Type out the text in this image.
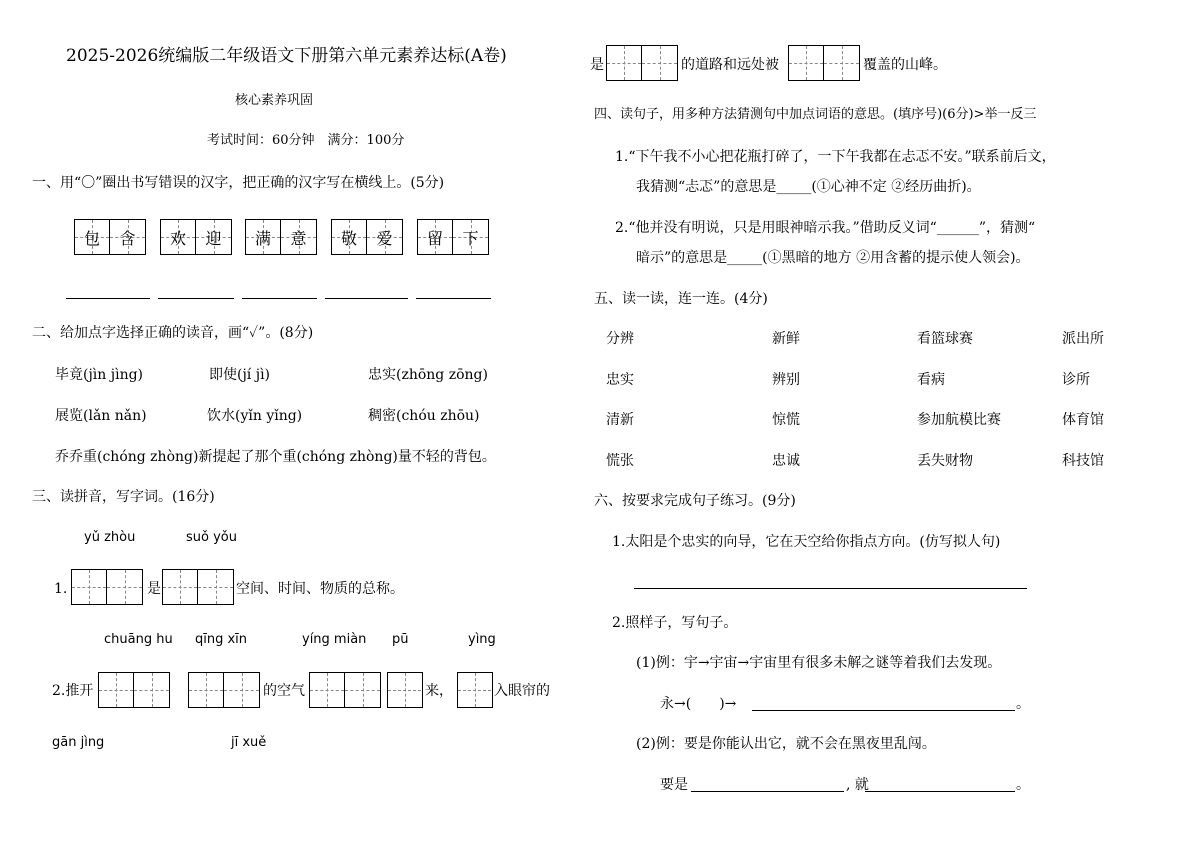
2025-2026统编版二年级语文下册第六单元素养达标(A卷)
核心素养巩固
考试时间：60分钟　满分：100分
一、用“〇”圈出书写错误的汉字，把正确的汉字写在横线上。(5分)
包	含	欢	迎	满	意	敬	爱	留	下
二、给加点字选择正确的读音，画“✓”。(8分)
毕竟(jìn jìng)	即使(jí jì)	忠实(zhōng zōng)
展览(lǎn nǎn)	饮水(yǐn yǐng)	稠密(chóu zhōu)
乔乔重(chóng zhòng)新提起了那个重(chóng zhòng)量不轻的背包。
三、读拼音，写字词。(16分)
yǔ zhòu	suǒ yǒu
1.	是	空间、时间、物质的总称。
chuāng hu qīng xīn	yíng miàn pū	yìng
2.推开	的空气	来，	入眼帘的
gān jìng	jī xuě
是	的道路和远处被	覆盖的山峰。
四、读句子，用多种方法猜测句中加点词语的意思。(填序号)(6分)>举一反三
1.“下午我不小心把花瓶打碎了，一下午我都在忐忑不安。”联系前后文，
我猜测“忐忑”的意思是_____(①心神不定 ②经历曲折)。
2.“他并没有明说，只是用眼神暗示我。”借助反义词“______”，猜测“
暗示”的意思是_____(①黑暗的地方 ②用含蓄的提示使人领会)。
五、读一读，连一连。(4分)
分辨	新鲜	看篮球赛	派出所
忠实	辨别	看病	诊所
清新	惊慌	参加航模比赛	体育馆
慌张	忠诚	丢失财物	科技馆
六、按要求完成句子练习。(9分)
1.太阳是个忠实的向导，它在天空给你指点方向。(仿写拟人句)
2.照样子，写句子。
(1)例：宇→宇宙→宇宙里有很多未解之谜等着我们去发现。
永→(　　)→	。
(2)例：要是你能认出它，就不会在黑夜里乱闯。
要是	, 就	。
